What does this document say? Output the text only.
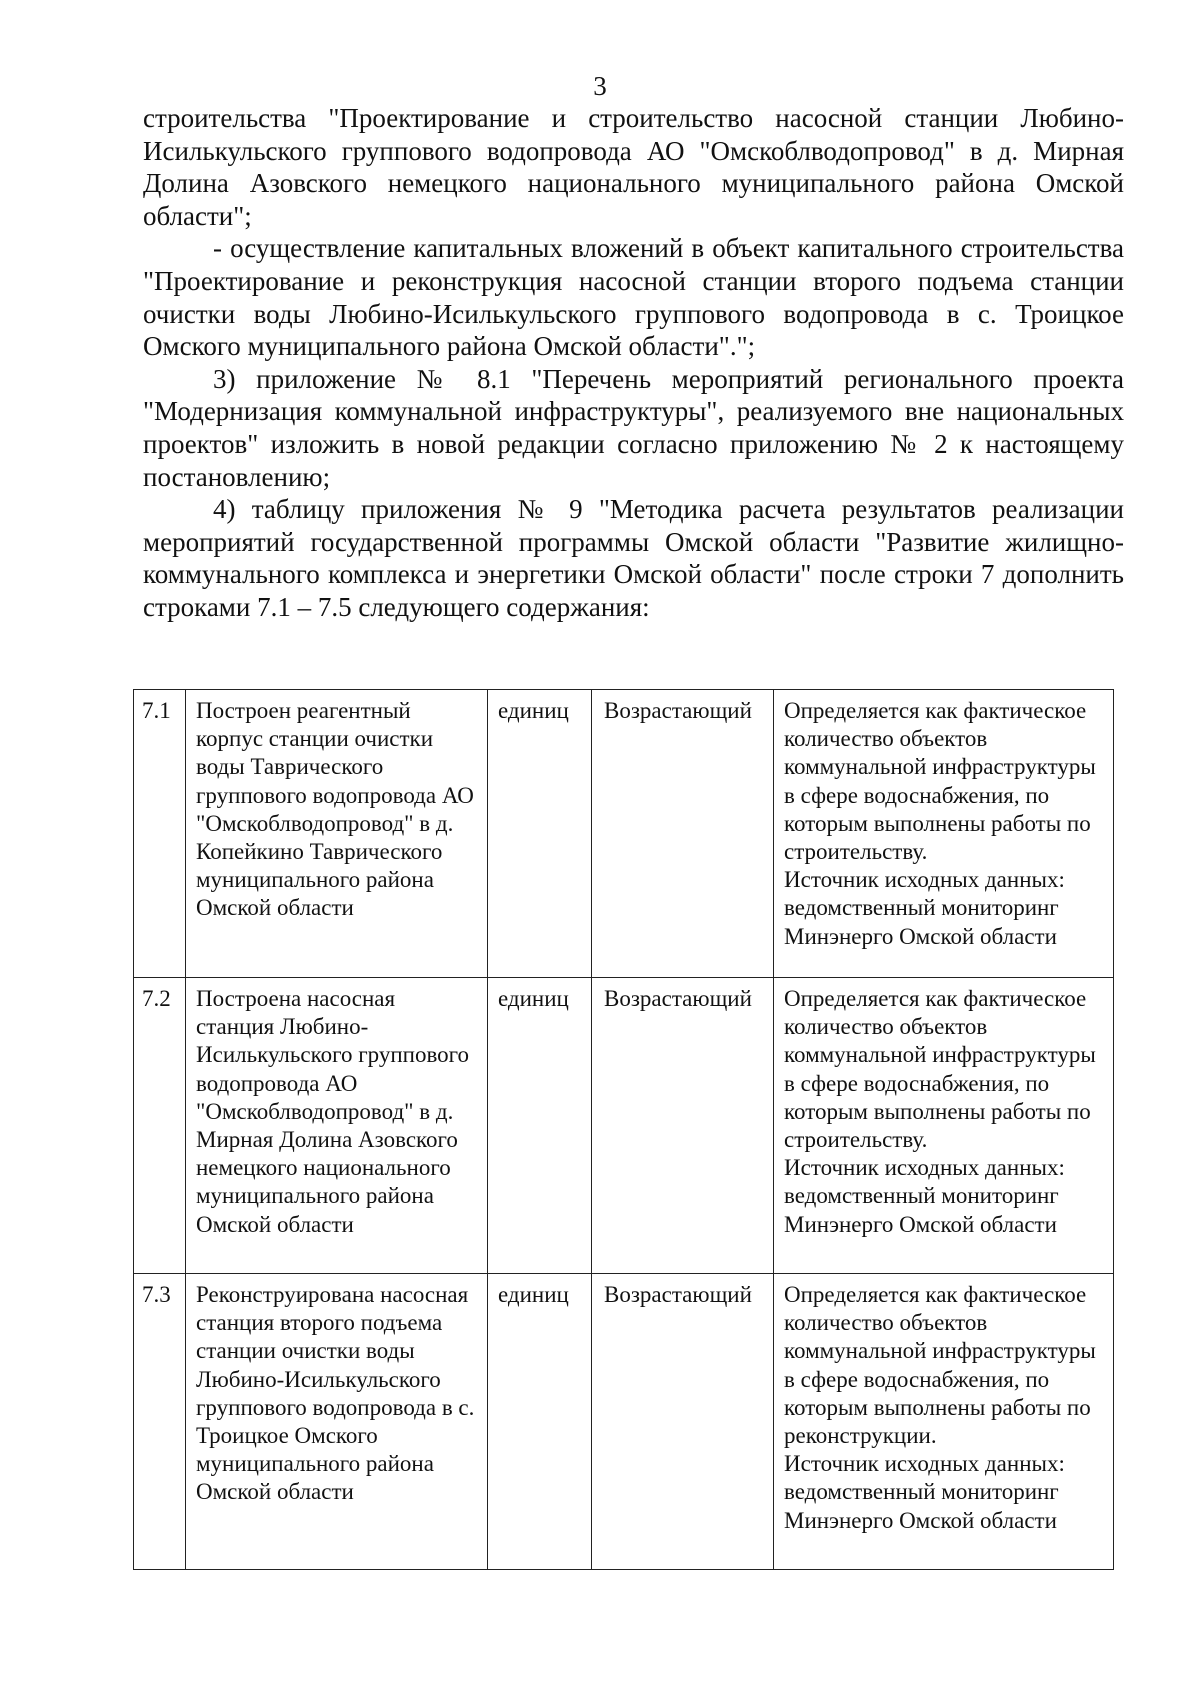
3

строительства "Проектирование и строительство насосной станции Любино-Исилькульского группового водопровода АО "Омскоблводопровод" в д. Мирная Долина Азовского немецкого национального муниципального района Омской области";

- осуществление капитальных вложений в объект капитального строительства "Проектирование и реконструкция насосной станции второго подъема станции очистки воды Любино-Исилькульского группового водопровода в с. Троицкое Омского муниципального района Омской области".";

3) приложение № 8.1 "Перечень мероприятий регионального проекта "Модернизация коммунальной инфраструктуры", реализуемого вне национальных проектов" изложить в новой редакции согласно приложению № 2 к настоящему постановлению;

4) таблицу приложения № 9 "Методика расчета результатов реализации мероприятий государственной программы Омской области "Развитие жилищно-коммунального комплекса и энергетики Омской области" после строки 7 дополнить строками 7.1 – 7.5 следующего содержания:

7.1	Построен реагентный корпус станции очистки воды Таврического группового водопровода АО "Омскоблводопровод" в д. Копейкино Таврического муниципального района Омской области	единиц	Возрастающий	Определяется как фактическое количество объектов коммунальной инфраструктуры в сфере водоснабжения, по которым выполнены работы по строительству.
Источник исходных данных: ведомственный мониторинг Минэнерго Омской области

7.2	Построена насосная станция Любино-Исилькульского группового водопровода АО "Омскоблводопровод" в д. Мирная Долина Азовского немецкого национального муниципального района Омской области	единиц	Возрастающий	Определяется как фактическое количество объектов коммунальной инфраструктуры в сфере водоснабжения, по которым выполнены работы по строительству.
Источник исходных данных: ведомственный мониторинг Минэнерго Омской области

7.3	Реконструирована насосная станция второго подъема станции очистки воды Любино-Исилькульского группового водопровода в с. Троицкое Омского муниципального района Омской области	единиц	Возрастающий	Определяется как фактическое количество объектов коммунальной инфраструктуры в сфере водоснабжения, по которым выполнены работы по реконструкции.
Источник исходных данных: ведомственный мониторинг Минэнерго Омской области
